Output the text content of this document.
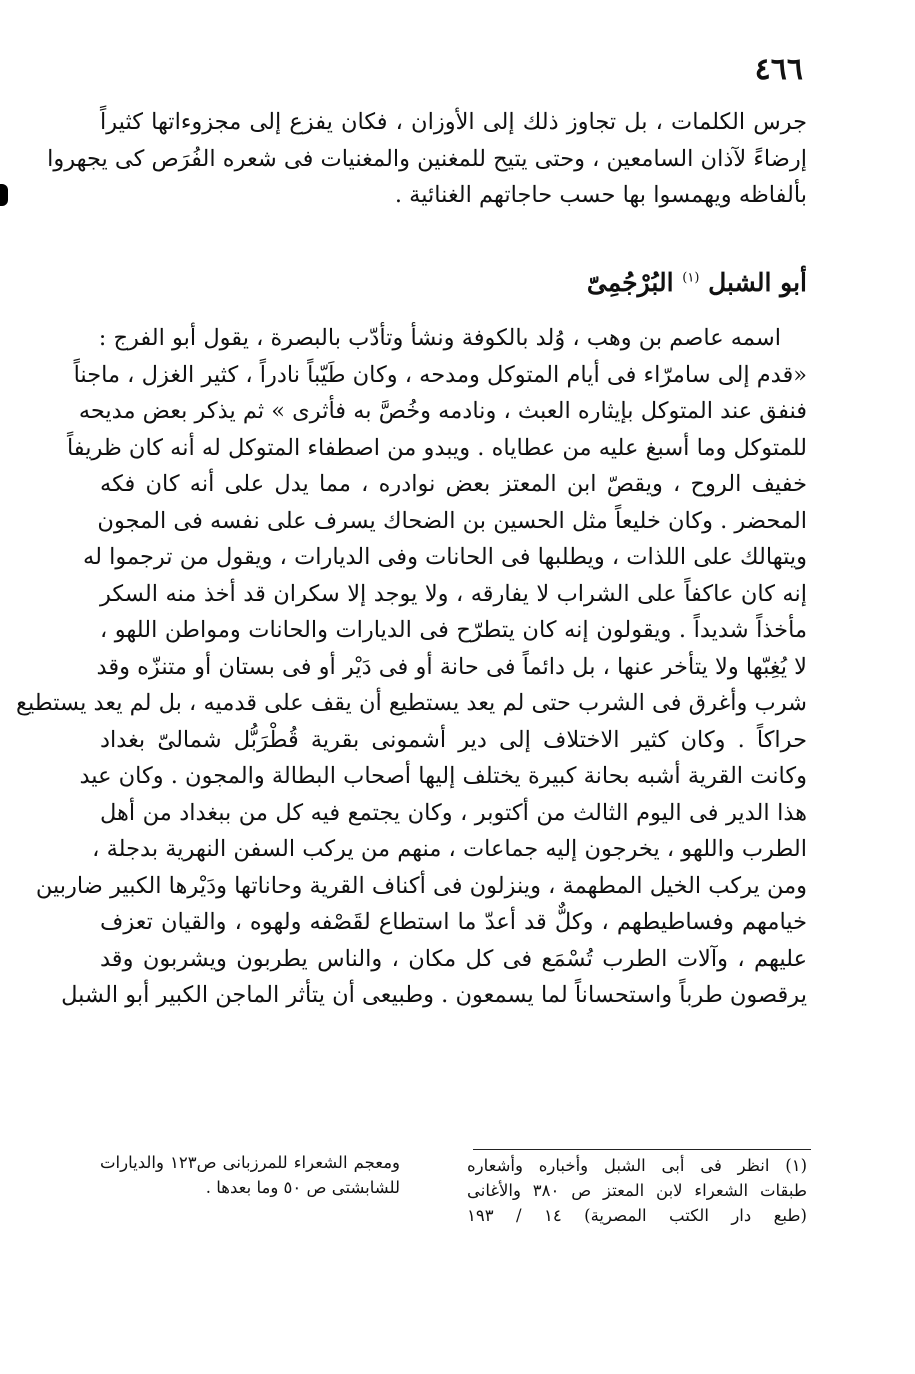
٤٦٦
جرس الكلمات ، بل تجاوز ذلك إلى الأوزان ، فكان يفزع إلى مجزوءاتها كثيراً
إرضاءً لآذان السامعين ، وحتى يتيح للمغنين والمغنيات فى شعره الفُرَص كى يجهروا
بألفاظه ويهمسوا بها حسب حاجاتهم الغنائية .
أبو الشبل $^{(١)}$ البُرْجُمِىّ
اسمه عاصم بن وهب ، وُلد بالكوفة ونشأ وتأدّب بالبصرة ، يقول أبو الفرج :
«قدم إلى سامرّاء فى أيام المتوكل ومدحه ، وكان طَيّباً نادراً ، كثير الغزل ، ماجناً
فنفق عند المتوكل بإيثاره العبث ، ونادمه وخُصَّ به فأثرى » ثم يذكر بعض مديحه
للمتوكل وما أسبغ عليه من عطاياه . ويبدو من اصطفاء المتوكل له أنه كان ظريفاً
خفيف الروح ، ويقصّ ابن المعتز بعض نوادره ، مما يدل على أنه كان فكه
المحضر . وكان خليعاً مثل الحسين بن الضحاك يسرف على نفسه فى المجون
ويتهالك على اللذات ، ويطلبها فى الحانات وفى الديارات ، ويقول من ترجموا له
إنه كان عاكفاً على الشراب لا يفارقه ، ولا يوجد إلا سكران قد أخذ منه السكر
مأخذاً شديداً . ويقولون إنه كان يتطرّح فى الديارات والحانات ومواطن اللهو ،
لا يُغِبّها ولا يتأخر عنها ، بل دائماً فى حانة أو فى دَيْر أو فى بستان أو متنزّه وقد
شرب وأغرق فى الشرب حتى لم يعد يستطيع أن يقف على قدميه ، بل لم يعد يستطيع
حراكاً . وكان كثير الاختلاف إلى دير أشمونى بقرية قُطْرَبُّل شمالىّ بغداد
وكانت القرية أشبه بحانة كبيرة يختلف إليها أصحاب البطالة والمجون . وكان عيد
هذا الدير فى اليوم الثالث من أكتوبر ، وكان يجتمع فيه كل من ببغداد من أهل
الطرب واللهو ، يخرجون إليه جماعات ، منهم من يركب السفن النهرية بدجلة ،
ومن يركب الخيل المطهمة ، وينزلون فى أكناف القرية وحاناتها ودَيْرها الكبير ضاربين
خيامهم وفساطيطهم ، وكلٌّ قد أعدّ ما استطاع لقَصْفه ولهوه ، والقيان تعزف
عليهم ، وآلات الطرب تُسْمَع فى كل مكان ، والناس يطربون ويشربون وقد
يرقصون طرباً واستحساناً لما يسمعون . وطبيعى أن يتأثر الماجن الكبير أبو الشبل
(١) انظر فى أبى الشبل وأخباره وأشعاره
طبقات الشعراء لابن المعتز ص ٣٨٠ والأغانى
(طبع دار الكتب المصرية) ١٤ / ١٩٣
ومعجم الشعراء للمرزبانى ص١٢٣ والديارات
للشابشتى ص ٥٠ وما بعدها .
